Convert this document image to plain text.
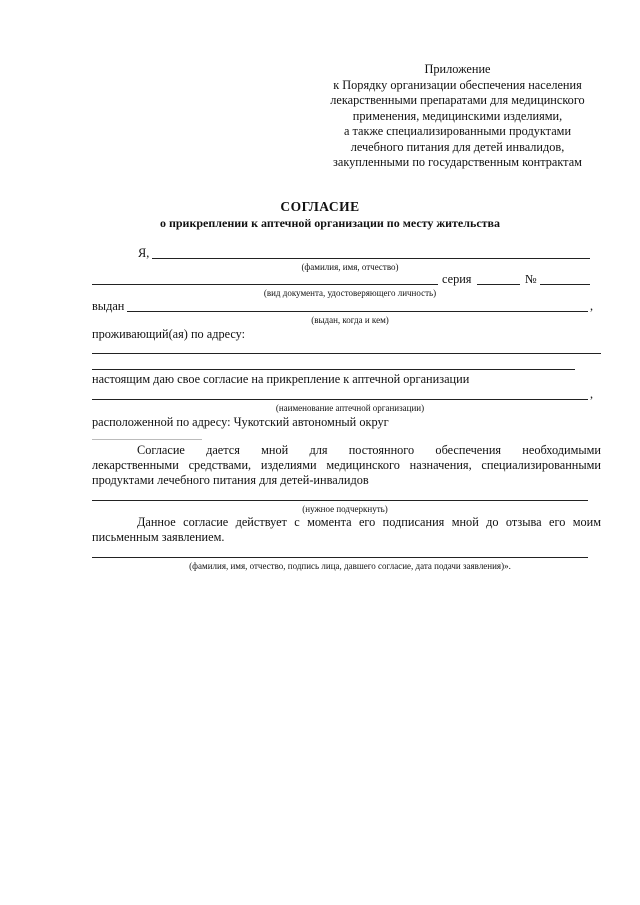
Приложение
к Порядку организации обеспечения населения
лекарственными препаратами для медицинского
применения, медицинскими изделиями,
а также специализированными продуктами
лечебного питания для детей инвалидов,
закупленными по государственным контрактам
СОГЛАСИЕ
о прикреплении к аптечной организации по месту жительства
Я,
(фамилия, имя, отчество)
серия	№
(вид документа, удостоверяющего личность)
выдан	,
(выдан, когда и кем)
проживающий(ая) по адресу:
настоящим даю свое согласие на прикрепление к аптечной организации
,
(наименование аптечной организации)
расположенной по адресу: Чукотский автономный округ
Согласие дается мной для постоянного обеспечения необходимыми
лекарственными средствами, изделиями медицинского назначения, специализированными
продуктами лечебного питания для детей-инвалидов
(нужное подчеркнуть)
Данное согласие действует с момента его подписания мной до отзыва его моим
письменным заявлением.
(фамилия, имя, отчество, подпись лица, давшего согласие, дата подачи заявления)».
